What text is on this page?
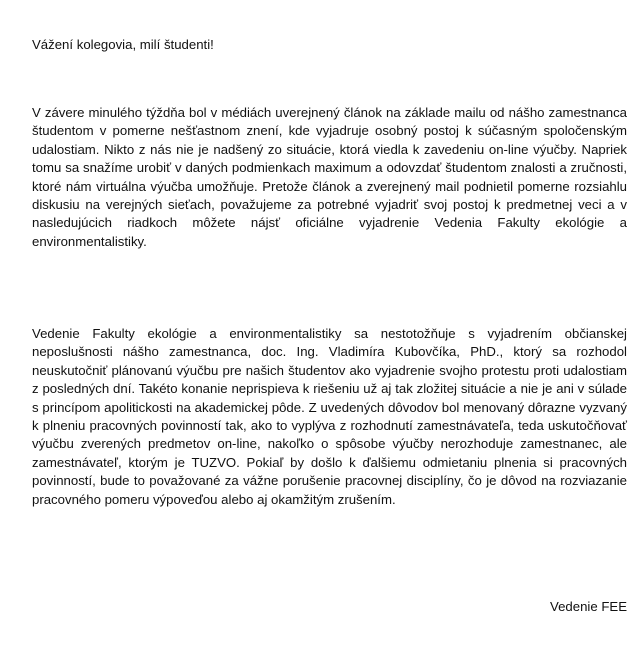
Vážení kolegovia, milí študenti!

V závere minulého týždňa bol v médiách uverejnený článok na základe mailu od nášho zamestnanca študentom v pomerne nešťastnom znení, kde vyjadruje osobný postoj k súčasným spoločenským udalostiam. Nikto z nás nie je nadšený zo situácie, ktorá viedla k zavedeniu on-line výučby. Napriek tomu sa snažíme urobiť v daných podmienkach maximum a odovzdať študentom znalosti a zručnosti, ktoré nám virtuálna výučba umožňuje. Pretože článok a zverejnený mail podnietil pomerne rozsiahlu diskusiu na verejných sieťach, považujeme za potrebné vyjadriť svoj postoj k predmetnej veci a v nasledujúcich riadkoch môžete nájsť oficiálne vyjadrenie Vedenia Fakulty ekológie a environmentalistiky.

Vedenie Fakulty ekológie a environmentalistiky sa nestotožňuje s vyjadrením občianskej neposlušnosti nášho zamestnanca, doc. Ing. Vladimíra Kubovčíka, PhD., ktorý sa rozhodol neuskutočniť plánovanú výučbu pre našich študentov ako vyjadrenie svojho protestu proti udalostiam z posledných dní. Takéto konanie neprispieva k riešeniu už aj tak zložitej situácie a nie je ani v súlade s princípom apolitickosti na akademickej pôde. Z uvedených dôvodov bol menovaný dôrazne vyzvaný k plneniu pracovných povinností tak, ako to vyplýva z rozhodnutí zamestnávateľa, teda uskutočňovať výučbu zverených predmetov on-line, nakoľko o spôsobe výučby nerozhoduje zamestnanec, ale zamestnávateľ, ktorým je TUZVO. Pokiaľ by došlo k ďalšiemu odmietaniu plnenia si pracovných povinností, bude to považované za vážne porušenie pracovnej disciplíny, čo je dôvod na rozviazanie pracovného pomeru výpoveďou alebo aj okamžitým zrušením.

Vedenie FEE
